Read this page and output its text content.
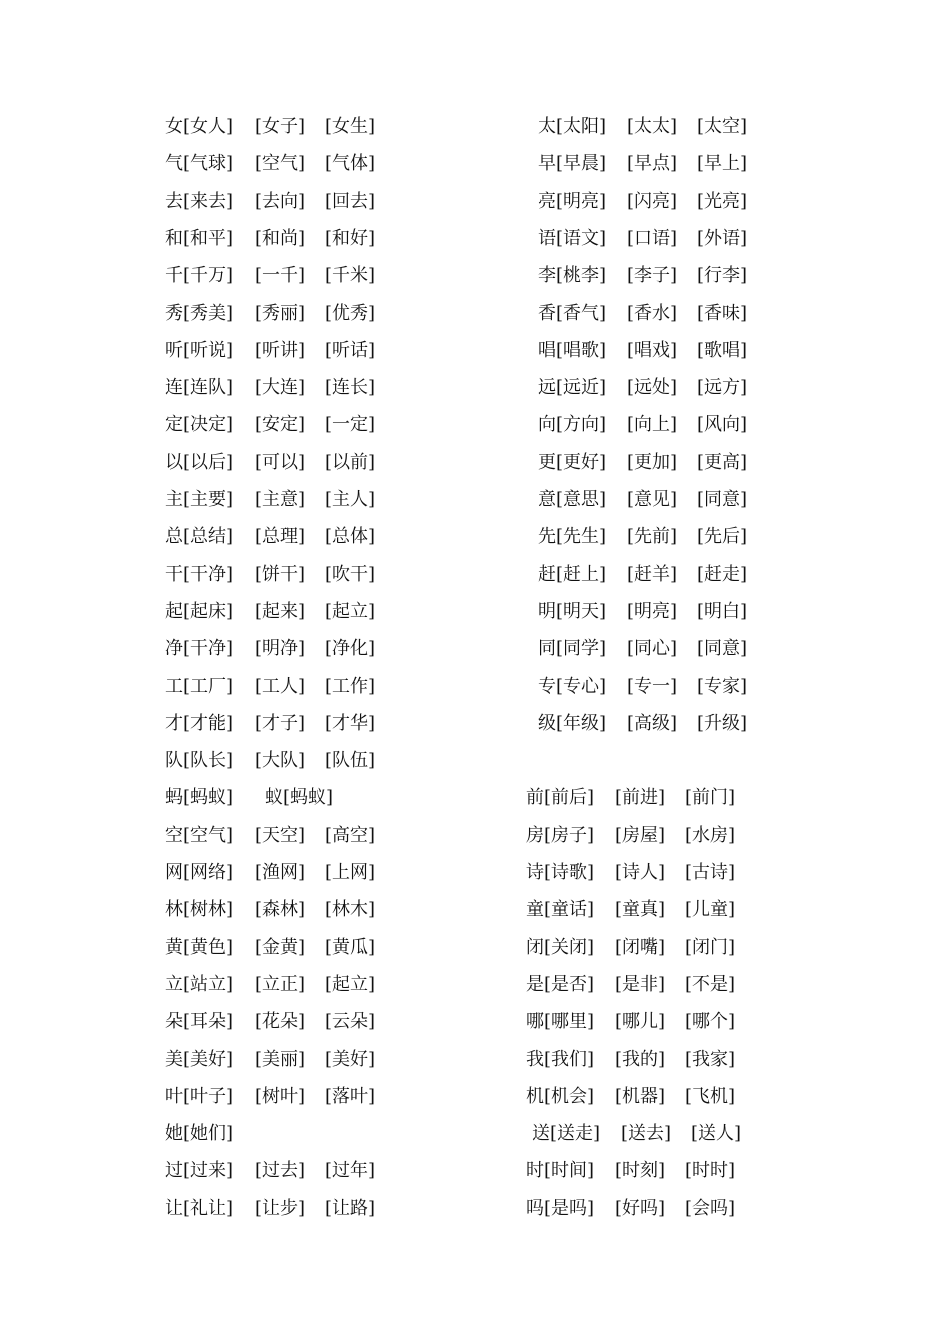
女[女人] [女子] [女生]
气[气球] [空气] [气体]
去[来去] [去向] [回去]
和[和平] [和尚] [和好]
千[千万] [一千] [千米]
秀[秀美] [秀丽] [优秀]
听[听说] [听讲] [听话]
连[连队] [大连] [连长]
定[决定] [安定] [一定]
以[以后] [可以] [以前]
主[主要] [主意] [主人]
总[总结] [总理] [总体]
干[干净] [饼干] [吹干]
起[起床] [起来] [起立]
净[干净] [明净] [净化]
工[工厂] [工人] [工作]
才[才能] [才子] [才华]
队[队长] [大队] [队伍]
蚂[蚂蚁] 蚁[蚂蚁]
空[空气] [天空] [高空]
网[网络] [渔网] [上网]
林[树林] [森林] [林木]
黄[黄色] [金黄] [黄瓜]
立[站立] [立正] [起立]
朵[耳朵] [花朵] [云朵]
美[美好] [美丽] [美好]
叶[叶子] [树叶] [落叶]
她[她们]
过[过来] [过去] [过年]
让[礼让] [让步] [让路]
太[太阳] [太太] [太空]
早[早晨] [早点] [早上]
亮[明亮] [闪亮] [光亮]
语[语文] [口语] [外语]
李[桃李] [李子] [行李]
香[香气] [香水] [香味]
唱[唱歌] [唱戏] [歌唱]
远[远近] [远处] [远方]
向[方向] [向上] [风向]
更[更好] [更加] [更高]
意[意思] [意见] [同意]
先[先生] [先前] [先后]
赶[赶上] [赶羊] [赶走]
明[明天] [明亮] [明白]
同[同学] [同心] [同意]
专[专心] [专一] [专家]
级[年级] [高级] [升级]
前[前后] [前进] [前门]
房[房子] [房屋] [水房]
诗[诗歌] [诗人] [古诗]
童[童话] [童真] [儿童]
闭[关闭] [闭嘴] [闭门]
是[是否] [是非] [不是]
哪[哪里] [哪儿] [哪个]
我[我们] [我的] [我家]
机[机会] [机器] [飞机]
送[送走] [送去] [送人]
时[时间] [时刻] [时时]
吗[是吗] [好吗] [会吗]
